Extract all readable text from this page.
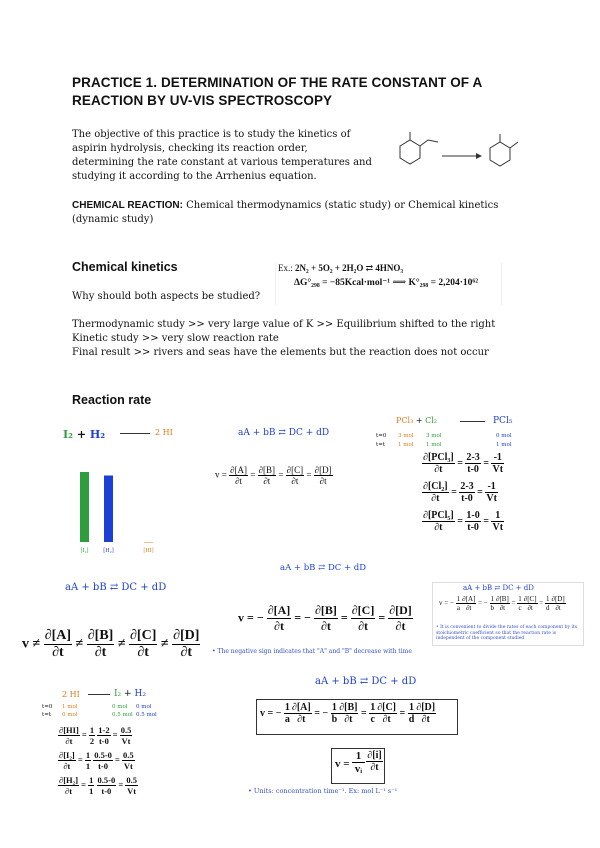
PRACTICE 1. DETERMINATION OF THE RATE CONSTANT OF A REACTION BY UV-VIS SPECTROSCOPY
The objective of this practice is to study the kinetics of aspirin hydrolysis, checking its reaction order, determining the rate constant at various temperatures and studying it according to the Arrhenius equation.
CHEMICAL REACTION: Chemical thermodynamics (static study) or Chemical kinetics (dynamic study)
Chemical kinetics
Why should both aspects be studied?
Ex.: 2N₂ + 5O₂ + 2H₂O ⇄ 4HNO₃
ΔG°₂₉₈ = −85Kcal·mol⁻¹ ⟹ K°₂₉₈ = 2,204·10⁶²
Thermodynamic study >> very large value of K >> Equilibrium shifted to the right
Kinetic study >> very slow reaction rate
Final result >> rivers and seas have the elements but the reaction does not occur
Reaction rate
I₂ + H₂	2 HI
[I₂] [H₂]	[HI]
aA + bB ⇄ DC + dD
$v = \frac{\partial[A]}{\partial t} = \frac{\partial[B]}{\partial t} = \frac{\partial[C]}{\partial t} = \frac{\partial[D]}{\partial t}$
PCl₃ + Cl₂	PCl₅
t=0 3 mol 3 mol	0 mol
t=t 1 mol 1 mol	1 mol
$\frac{\text{∂[PCl₃]}}{\partial t} = \frac{2-3}{t-0} = \frac{-1}{Vt}$
$\frac{\text{∂[Cl₂]}}{\partial t} = \frac{2-3}{t-0} = \frac{-1}{Vt}$
$\frac{\text{∂[PCl₅]}}{\partial t} = \frac{1-0}{t-0} = \frac{1}{Vt}$
aA + bB ⇄ DC + dD
aA + bB ⇄ DC + dD
$v \ne \frac{\partial[A]}{\partial t} \ne \frac{\partial[B]}{\partial t} \ne \frac{\partial[C]}{\partial t} \ne \frac{\partial[D]}{\partial t}$
v = − $\frac{\partial[A]}{\partial t}$ = − $\frac{\partial[B]}{\partial t} = \frac{\partial[C]}{\partial t} = \frac{\partial[D]}{\partial t}$
• The negative sign indicates that "A" and "B" decrease with time
aA + bB ⇄ DC + dD
v = − $\frac{1}{a} \frac{\partial[A]}{\partial t}$ = − $\frac{1}{b} \frac{\partial[B]}{\partial t} = \frac{1}{c} \frac{\partial[C]}{\partial t} = \frac{1}{d} \frac{\partial[D]}{\partial t}$
• It is convenient to divide the rates of each component by its stoichiometric coefficient so that the reaction rate is independent of the component studied
2 HI	I₂ + H₂
t=0 1 mol	0 mol 0 mol
t=t 0 mol	0.5 mol 0.5 mol
$\frac{\partial[HI]}{\partial t} = \frac{1}{2}$
$\frac{1-2}{t-0} = \frac{0.5}{Vt}$
$\frac{\text{∂[I₂]}}{\partial t} = \frac{1}{1}$
$\frac{0.5-0}{t-0} = \frac{0.5}{Vt}$
$\frac{\text{∂[H₂]}}{\partial t} = \frac{1}{1}$
$\frac{0.5-0}{t-0} = \frac{0.5}{Vt}$
aA + bB ⇄ DC + dD
v = − $\frac{1}{a} \frac{\partial[A]}{\partial t}$ = − $\frac{1}{b} \frac{\partial[B]}{\partial t} = \frac{1}{c} \frac{\partial[C]}{\partial t} = \frac{1}{d} \frac{\partial[D]}{\partial t}$
v =
1
vᵢ
∂[i]
∂t
• Units: concentration time⁻¹. Ex: mol L⁻¹ s⁻¹
